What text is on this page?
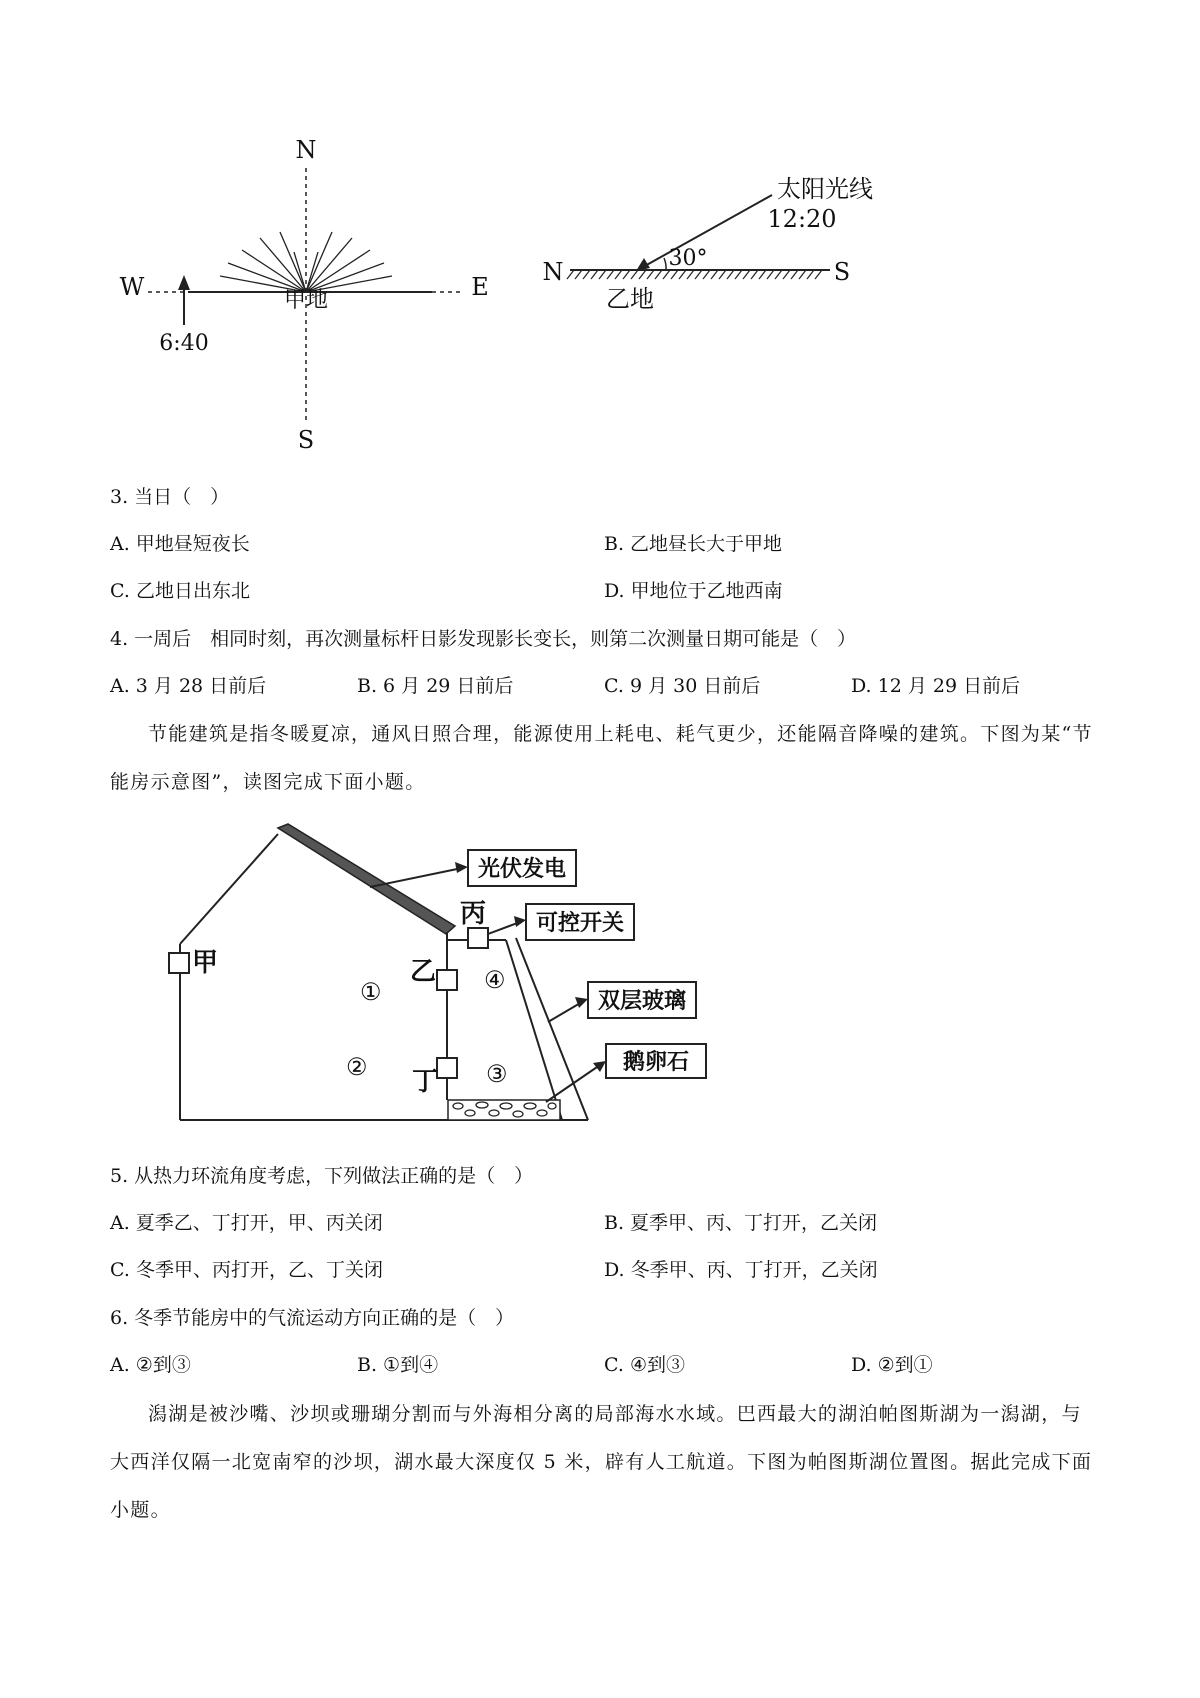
N
S
W	E
甲地
6:40
太阳光线
12:20
N	S
30°
乙地
3. 当日（　）
A. 甲地昼短夜长	B. 乙地昼长大于甲地
C. 乙地日出东北	D. 甲地位于乙地西南
4. 一周后　相同时刻，再次测量标杆日影发现影长变长，则第二次测量日期可能是（　）
A. 3 月 28 日前后	B. 6 月 29 日前后	C. 9 月 30 日前后	D. 12 月 29 日前后
节能建筑是指冬暖夏凉，通风日照合理，能源使用上耗电、耗气更少，还能隔音降噪的建筑。下图为某“节能房示意图”，读图完成下面小题。
甲	乙
丁
丙
①
②	③
④
光伏发电
可控开关
双层玻璃
鹅卵石
5. 从热力环流角度考虑，下列做法正确的是（　）
A. 夏季乙、丁打开，甲、丙关闭	B. 夏季甲、丙、丁打开，乙关闭
C. 冬季甲、丙打开，乙、丁关闭	D. 冬季甲、丙、丁打开，乙关闭
6. 冬季节能房中的气流运动方向正确的是（　）
A. ②到③	B. ①到④	C. ④到③	D. ②到①
潟湖是被沙嘴、沙坝或珊瑚分割而与外海相分离的局部海水水域。巴西最大的湖泊帕图斯湖为一潟湖，与大西洋仅隔一北宽南窄的沙坝，湖水最大深度仅 5 米，辟有人工航道。下图为帕图斯湖位置图。据此完成下面小题。
